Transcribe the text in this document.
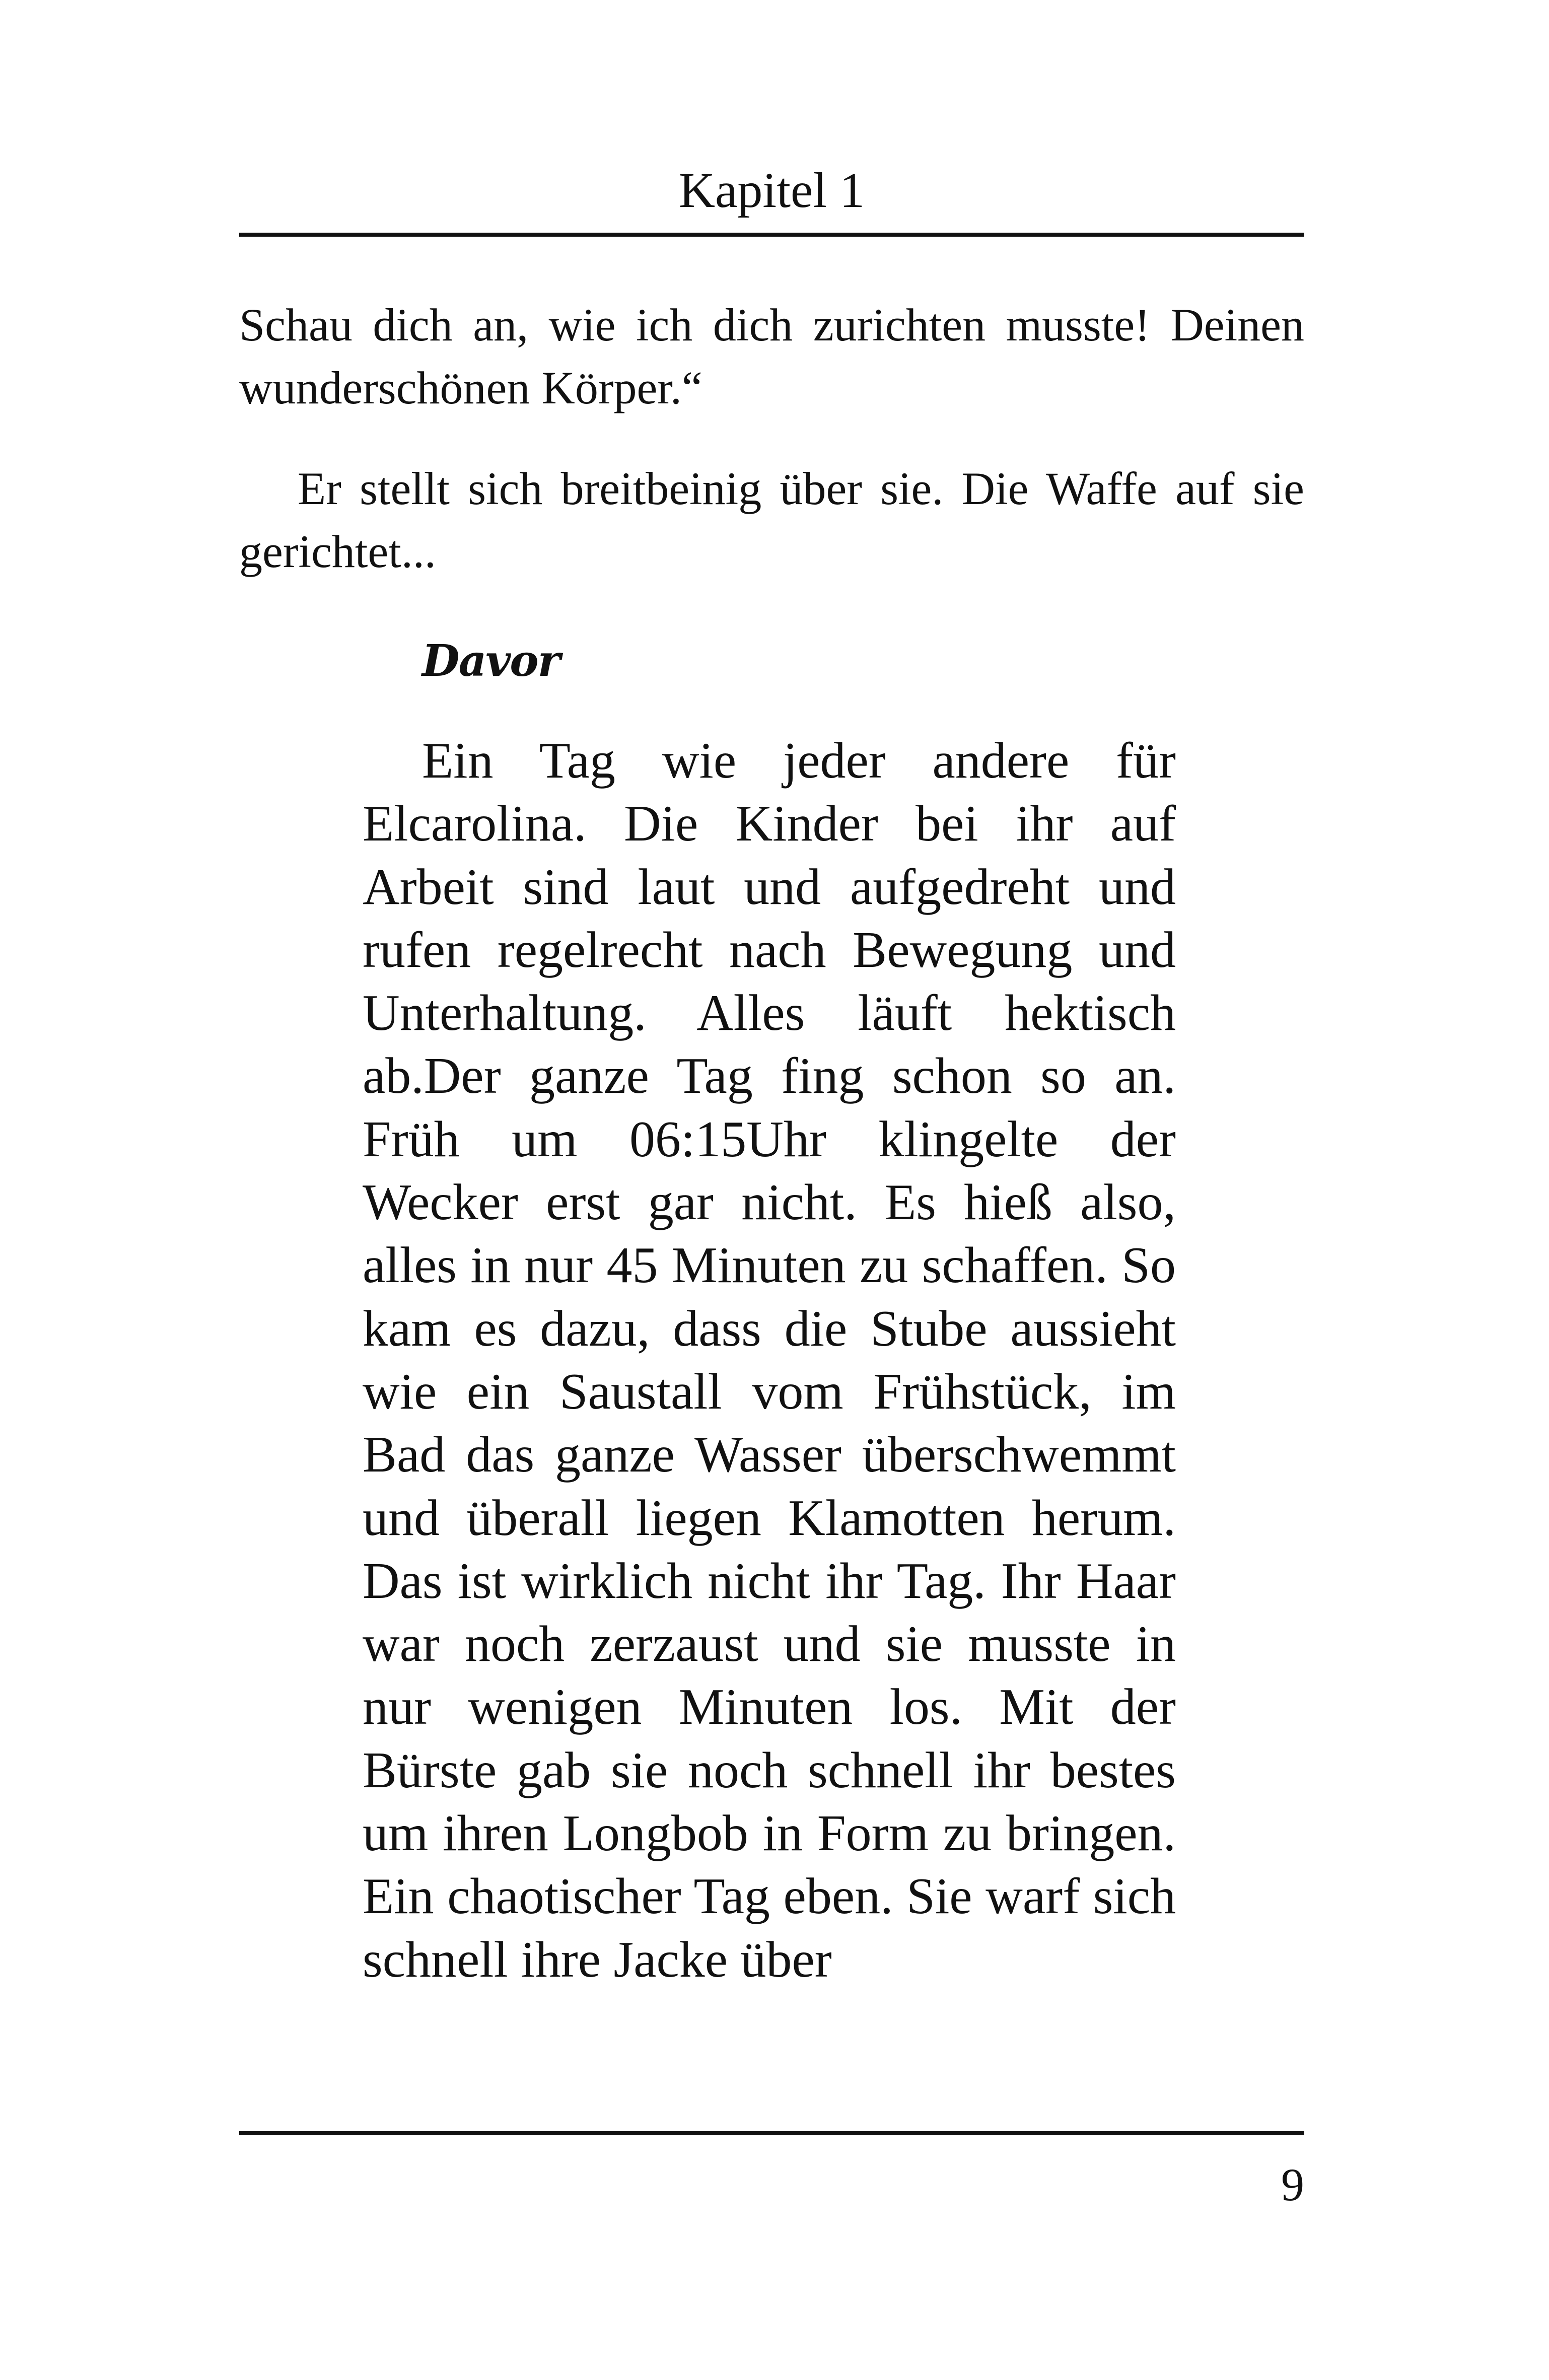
Kapitel 1

Schau dich an, wie ich dich zurichten musste! Deinen wunderschönen Körper.“

Er stellt sich breitbeinig über sie. Die Waffe auf sie gerichtet...

Davor

Ein Tag wie jeder andere für Elcarolina. Die Kinder bei ihr auf Arbeit sind laut und aufgedreht und rufen regelrecht nach Bewegung und Unterhaltung. Alles läuft hektisch ab.Der ganze Tag fing schon so an. Früh um 06:15Uhr klingelte der Wecker erst gar nicht. Es hieß also, alles in nur 45 Minuten zu schaffen. So kam es dazu, dass die Stube aussieht wie ein Saustall vom Frühstück, im Bad das ganze Wasser überschwemmt und überall liegen Klamotten herum. Das ist wirklich nicht ihr Tag. Ihr Haar war noch zerzaust und sie musste in nur wenigen Minuten los. Mit der Bürste gab sie noch schnell ihr bestes um ihren Longbob in Form zu bringen. Ein chaotischer Tag eben. Sie warf sich schnell ihre Jacke über

9
